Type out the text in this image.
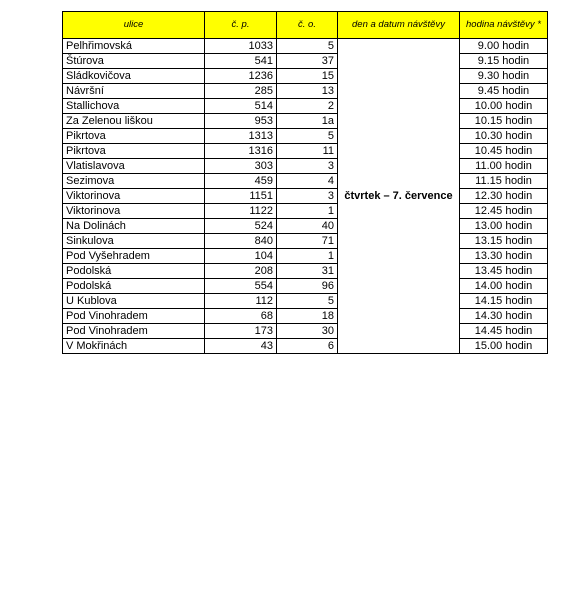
ulice	č. p.	č. o.	den a datum návštěvy	hodina návštěvy *
Pelhřimovská	1033	5	čtvrtek – 7. července	9.00 hodin
Štúrova	541	37		9.15 hodin
Sládkovičova	1236	15		9.30 hodin
Návršní	285	13		9.45 hodin
Stallichova	514	2		10.00 hodin
Za Zelenou liškou	953	1a		10.15 hodin
Pikrtova	1313	5		10.30 hodin
Pikrtova	1316	11		10.45 hodin
Vlatislavova	303	3		11.00 hodin
Sezimova	459	4		11.15 hodin
Viktorinova	1151	3		12.30 hodin
Viktorinova	1122	1		12.45 hodin
Na Dolinách	524	40		13.00 hodin
Sinkulova	840	71		13.15 hodin
Pod Vyšehradem	104	1		13.30 hodin
Podolská	208	31		13.45 hodin
Podolská	554	96		14.00 hodin
U Kublova	112	5		14.15 hodin
Pod Vinohradem	68	18		14.30 hodin
Pod Vinohradem	173	30		14.45 hodin
V Mokřinách	43	6		15.00 hodin
